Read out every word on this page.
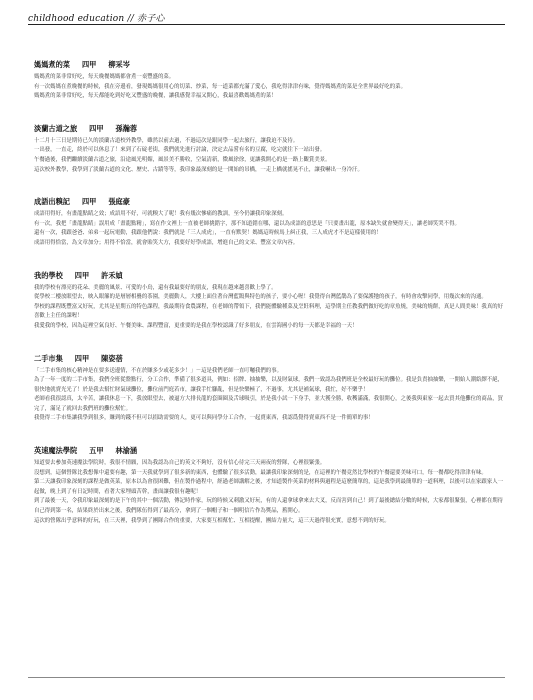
childhood education // 赤子心
媽媽煮的菜 四甲 柳采岑

媽媽煮的菜非常好吃，每天晚餐媽媽都會煮一桌豐盛的菜。

有一次媽媽在煮晚餐的時候，我在旁邊看，發現媽媽很用心的切菜、炒菜，每一道菜都充滿了愛心，我吃得津津有味，覺得媽媽煮的菜是全世界最好吃的菜。

媽媽煮的菜非常好吃，每天都能吃到好吃又豐盛的晚餐，讓我感覺幸福又開心，我最喜歡媽媽煮的菜！

淡蘭古道之旅 四甲 孫瀚蓉

十二月十三日是期待已久的淡蘭古道校外教學，雖然以前去過，不過這次是跟同學一起去旅行，讓我迫不及待。

一出發，一直走，終於可以休息了！來到了石碇老街，我們就先進行討論，決定去品嘗有名的豆腐，吃完就往下一站出發。

午餐過後，我們繼續淡蘭古道之旅，沿途風光明媚，風景美不勝收，空氣清新，微風徐徐，更讓我開心的是一路上觀賞美景。

這次校外教學，我學到了淡蘭古道的文化、歷史、古蹟等等，我印象最深刻的是一開始的吊橋，一走上橋就搖晃不止，讓我嚇出一身冷汗。

成語出糗記 四甲 張庭豪

成語用得好，有畫龍點睛之效；成語用不好，可就糗大了呢！我有幾次慘痛的教訓，至今仍讓我印象深刻。

有一次，我把「畫龍點睛」誤用成「畫龍點精」，寫在作文裡上一直被老師挑錯字，那不知道錯在哪，還以為成語的意思是「只要畫出龍，原本缺失就會變得天」，讓老師笑哭不得。

還有一次，我跟爸爸、弟弟一起玩電動，我跟他們說：我們就是「三人成虎」，一直有默契！媽媽這時候馬上糾正我，三人成虎才不是這樣使用的！

成語用得恰當，為文章加分；用得不恰當，就會貽笑大方，我要好好學成語，增進自己的文采、豐富文章內容。

我的學校 四甲 許禾媜

我的學校有漂亮的花朵、美麗的風景、可愛的小鳥，還有我最要好的朋友，我現在越來越喜歡上學了。

從學校二樓放眼望去，映入眼簾的是層層相疊的茶園，美麗動人，大樓上面住著台灣藍鵲與特色的孩子，要小心喔！我覺得台灣藍鵲為了要保護牠的孩子，有時會攻擊同學，用幾次來的沟通。

學校的課程既豐富又好玩，尤其是星期五的特色課程，我最期待食農課程，在老師的帶領下，我們能體驗種菜及烹飪料理，這學期主任教我們做好吃的章魚燒，美味的燒餅，真是人間美味！我真的好喜歡上主任的課喔！

我愛我的學校，因為這裡空氣良好、午餐美味、課程豐富，更重要的是我在學校認識了好多朋友，在雲海國小的每一天都是幸福的一天！

二手市集 四甲 陳姿蓓

「二手市集的核心精神是在要多送邊情，不在於賺多少或花多少！」－這是我們老師一直叮囑我們的事。

為了一年一度的二手市集，我們全班從盤點行，分工合作，準備了很多道具，例如：招牌、抽抽樂，以及財氣球，我們一致認為我們班是全校最好玩的攤位。我是負責抽抽樂，一開始人潮絡繹不絕，很快地就賣光光了！於是我去幫忙財氣球攤位，攤位前門庭若市，讓我手忙腳亂，但是快樂極了，不過事，尤其是補氣球，我忙，好不樂乎！

老師看我很認真，太辛苦，讓我休息一下，我放眼望去，被逼方大排長龍的套圈圈及舌球吸引，於是我小試一下身手，並大獲全勝，收穫滿滿，我很開心，之後我與東家一起去買其他攤位的商品，買完了，滿足了就回去我們班的攤位幫忙。

我覺得二手市集讓我學到很多，賺到的錢不但可以捐助需要的人，更可以與同學分工合作，一起賣東西，我認爲覺得賣東西不是一件簡單的事！

英速魔法學院 五甲 林渝涵

知道要去參加英速魔法學院時，我很不情願，因為我認為自己的英文不夠好，沒有信心待完三天兩夜的營隊，心裡很緊張。

沒想到，這個營隊比我想像中還要有趣，第一天我就學到了很多新的東西，也體驗了很多活動，最讓我印象深刻的是，在這裡的午餐竟然比學校的午餐還要美味可口，每一餐都吃得津津有味。

第二天讓我印象深刻的課程是做英菜，原本以為會很困難，但在製作過程中，經過老師講解之後，才知道製作英菜的材料與過程是這麼簡單的，這是我學到最簡單的一道料理，以後可以在家跟家人一起做，晚上到了有日記時間，看著大家埋頭苦幹，畫面讓我很有趣呢！

到了最後一天，令我印象最深刻的是下午的其中一個活動，傳記時作家，玩的時候又刺激又好玩，有的人還拿球拿來去大叉，反而害到自己！到了最後總結分數的時候，大家都很緊張，心裡都在期待自己得到第一名，結果終於出來之後，我們隊伍得到了最高分，拿到了一個帽子和一個明信片作為獎品，舊開心。

這次的營隊出乎意料的好玩，在三天裡，我學到了團隊合作的重要，大家要互相幫忙、互相提醒，團結力量大，這三天過得很充實，意想不到的好玩。
